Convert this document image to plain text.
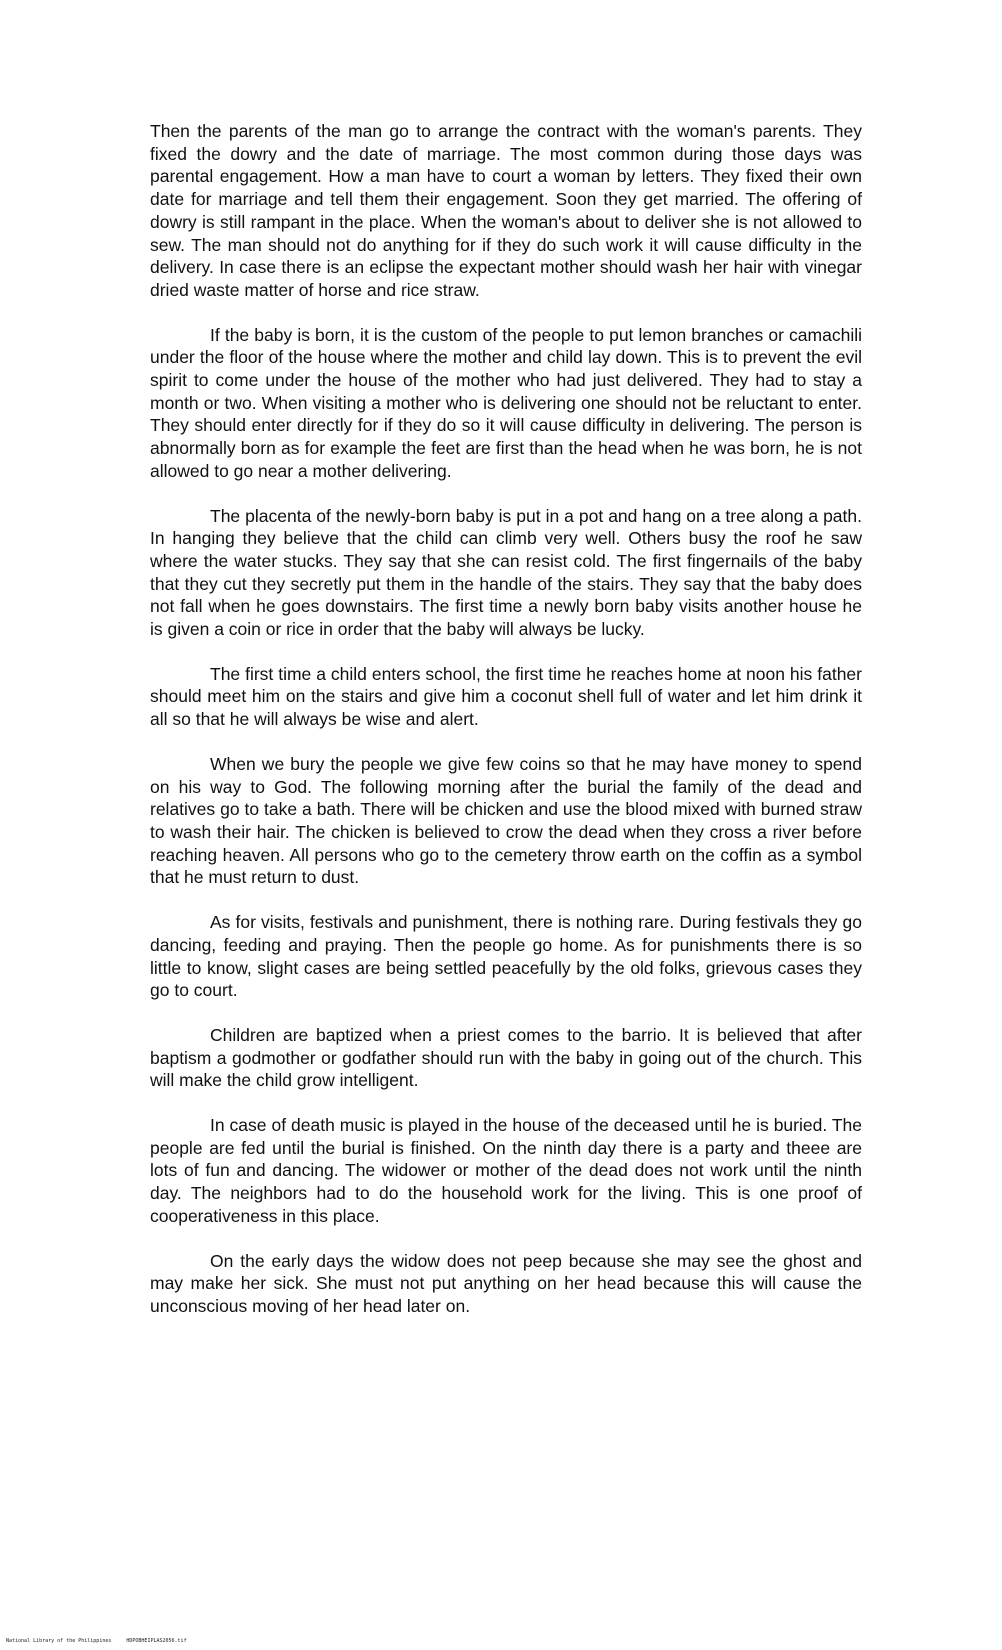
Then the parents of the man go to arrange the contract with the woman's parents. They fixed the dowry and the date of marriage. The most common during those days was parental engagement. How a man have to court a woman by letters. They fixed their own date for marriage and tell them their engagement. Soon they get married. The offering of dowry is still rampant in the place. When the woman's about to deliver she is not allowed to sew. The man should not do anything for if they do such work it will cause difficulty in the delivery. In case there is an eclipse the expectant mother should wash her hair with vinegar dried waste matter of horse and rice straw.

If the baby is born, it is the custom of the people to put lemon branches or camachili under the floor of the house where the mother and child lay down. This is to prevent the evil spirit to come under the house of the mother who had just delivered. They had to stay a month or two. When visiting a mother who is delivering one should not be reluctant to enter. They should enter directly for if they do so it will cause difficulty in delivering. The person is abnormally born as for example the feet are first than the head when he was born, he is not allowed to go near a mother delivering.

The placenta of the newly-born baby is put in a pot and hang on a tree along a path. In hanging they believe that the child can climb very well. Others busy the roof he saw where the water stucks. They say that she can resist cold. The first fingernails of the baby that they cut they secretly put them in the handle of the stairs. They say that the baby does not fall when he goes downstairs. The first time a newly born baby visits another house he is given a coin or rice in order that the baby will always be lucky.

The first time a child enters school, the first time he reaches home at noon his father should meet him on the stairs and give him a coconut shell full of water and let him drink it all so that he will always be wise and alert.

When we bury the people we give few coins so that he may have money to spend on his way to God. The following morning after the burial the family of the dead and relatives go to take a bath. There will be chicken and use the blood mixed with burned straw to wash their hair. The chicken is believed to crow the dead when they cross a river before reaching heaven. All persons who go to the cemetery throw earth on the coffin as a symbol that he must return to dust.

As for visits, festivals and punishment, there is nothing rare. During festivals they go dancing, feeding and praying. Then the people go home. As for punishments there is so little to know, slight cases are being settled peacefully by the old folks, grievous cases they go to court.

Children are baptized when a priest comes to the barrio. It is believed that after baptism a godmother or godfather should run with the baby in going out of the church. This will make the child grow intelligent.

In case of death music is played in the house of the deceased until he is buried. The people are fed until the burial is finished. On the ninth day there is a party and theee are lots of fun and dancing. The widower or mother of the dead does not work until the ninth day. The neighbors had to do the household work for the living. This is one proof of cooperativeness in this place.

On the early days the widow does not peep because she may see the ghost and may make her sick. She must not put anything on her head because this will cause the unconscious moving of her head later on.

National Library of the Philippines	HDPOBHEIPLAS2056.tif
